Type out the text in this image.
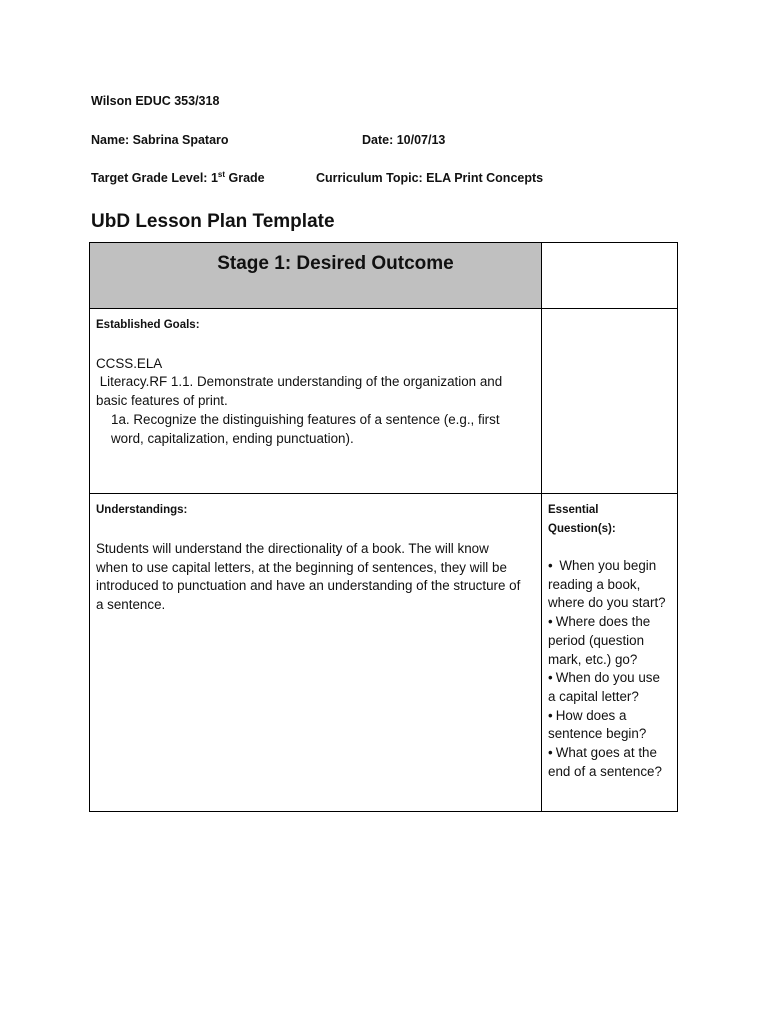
Wilson EDUC 353/318
Name: Sabrina Spataro	Date: 10/07/13
Target Grade Level: 1st Grade	Curriculum Topic: ELA Print Concepts
UbD Lesson Plan Template
Stage 1: Desired Outcome
Established Goals:
CCSS.ELA
Literacy.RF 1.1. Demonstrate understanding of the organization and
basic features of print.
1a. Recognize the distinguishing features of a sentence (e.g., first
word, capitalization, ending punctuation).
Understandings:
Students will understand the directionality of a book. The will know
when to use capital letters, at the beginning of sentences, they will be
introduced to punctuation and have an understanding of the structure of
a sentence.
Essential
Question(s):
• When you begin
reading a book,
where do you start?
• Where does the
period (question
mark, etc.) go?
• When do you use
a capital letter?
• How does a
sentence begin?
• What goes at the
end of a sentence?
